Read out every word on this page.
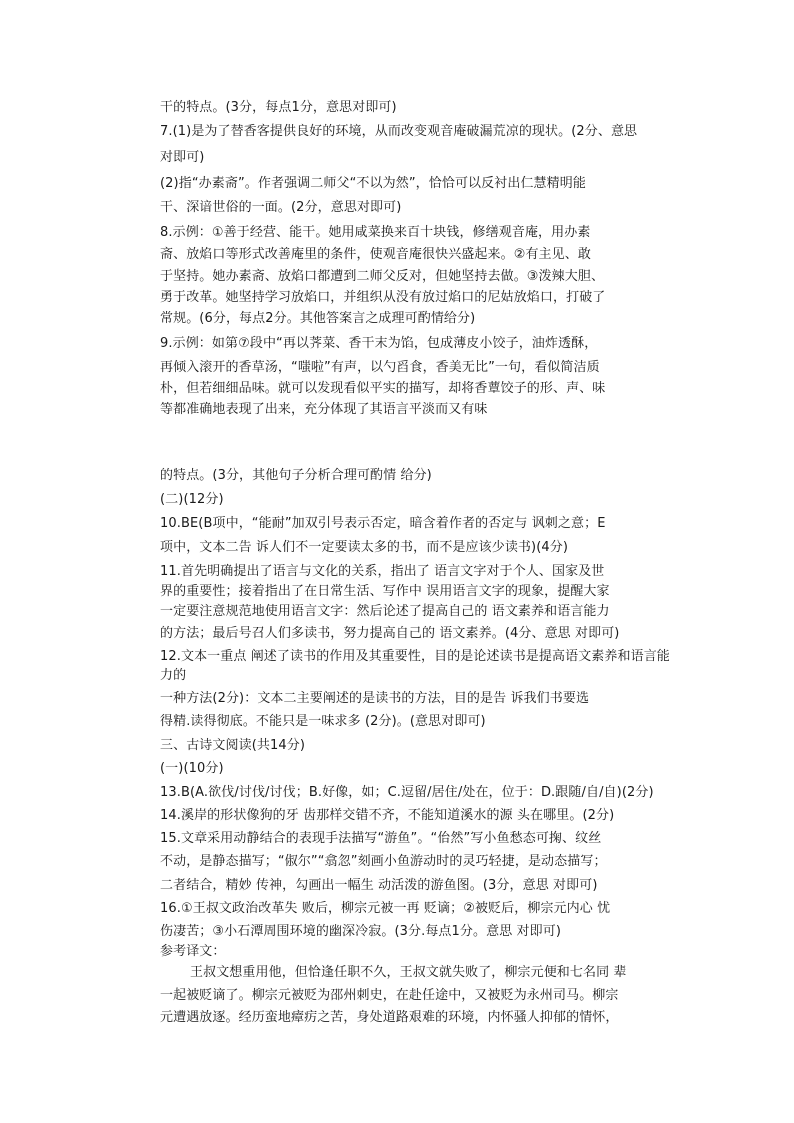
干的特点。(3分，每点1分，意思对即可)
7.(1)是为了替香客提供良好的环境，从而改变观音庵破漏荒凉的现状。(2分、意思
对即可)
(2)指“办素斋”。作者强调二师父“不以为然”，恰恰可以反衬出仁慧精明能
干、深谙世俗的一面。(2分，意思对即可)
8.示例：①善于经营、能干。她用咸菜换来百十块钱，修缮观音庵，用办素
斋、放焰口等形式改善庵里的条件，使观音庵很快兴盛起来。②有主见、敢
于坚持。她办素斋、放焰口都遭到二师父反对，但她坚持去做。③泼辣大胆、
勇于改革。她坚持学习放焰口，并组织从没有放过焰口的尼姑放焰口，打破了
常规。(6分，每点2分。其他答案言之成理可酌情给分)
9.示例：如第⑦段中“再以荠菜、香干末为馅，包成薄皮小饺子，油炸透酥，
再倾入滚开的香草汤，“嗤啦”有声，以勺舀食，香美无比”一句，看似简洁质
朴，但若细细品味。就可以发现看似平实的描写，却将香蕈饺子的形、声、味
等都准确地表现了出来，充分体现了其语言平淡而又有味
的特点。(3分，其他句子分析合理可酌情 给分)
(二)(12分)
10.BE(B项中，“能耐”加双引号表示否定，暗含着作者的否定与 讽刺之意；E
项中，文本二告 诉人们不一定要读太多的书，而不是应该少读书)(4分)
11.首先明确提出了语言与文化的关系，指出了 语言文字对于个人、国家及世
界的重要性；接着指出了在日常生活、写作中 误用语言文字的现象，提醒大家
一定要注意规范地使用语言文字：然后论述了提高自己的 语文素养和语言能力
的方法；最后号召人们多读书，努力提高自己的 语文素养。(4分、意思 对即可)
12.文本一重点 阐述了读书的作用及其重要性，目的是论述读书是提高语文素养和语言能
力的
一种方法(2分)：文本二主要阐述的是读书的方法，目的是告 诉我们书要选
得精.读得彻底。不能只是一味求多 (2分)。(意思对即可)
三、古诗文阅读(共14分)
(一)(10分)
13.B(A.欲伐/讨伐/讨伐；B.好像，如；C.逗留/居住/处在，位于：D.跟随/自/自)(2分)
14.溪岸的形状像狗的牙 齿那样交错不齐，不能知道溪水的源 头在哪里。(2分)
15.文章采用动静结合的表现手法描写“游鱼”。“佁然”写小鱼愁态可掬、纹丝
不动，是静态描写；“俶尔”“翕忽”刻画小鱼游动时的灵巧轻捷，是动态描写；
二者结合，精妙 传神，勾画出一幅生 动活泼的游鱼图。(3分，意思 对即可)
16.①王叔文政治改革失 败后，柳宗元被一再 贬谪；②被贬后，柳宗元内心 忧
伤凄苦；③小石潭周围环境的幽深冷寂。(3分.每点1分。意思 对即可)
参考译文：
王叔文想重用他，但恰逢任职不久，王叔文就失败了，柳宗元便和七名同 辈
一起被贬谪了。柳宗元被贬为邵州刺史，在赴任途中，又被贬为永州司马。柳宗
元遭遇放逐。经历蛮地瘴疠之苦，身处道路艰难的环境，内怀骚人抑郁的情怀，
